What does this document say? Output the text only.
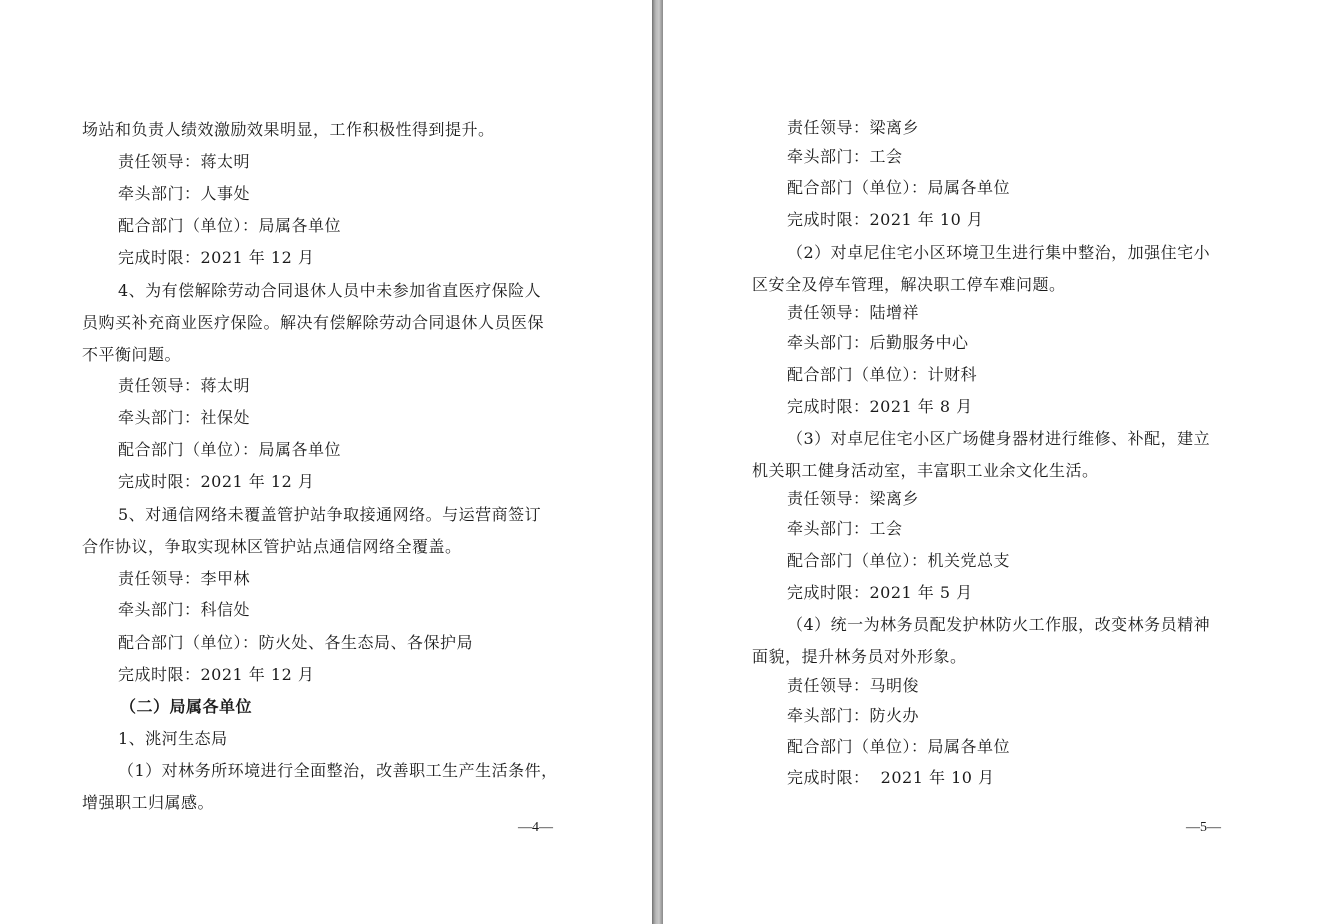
场站和负责人绩效激励效果明显，工作积极性得到提升。
责任领导：蒋太明
牵头部门：人事处
配合部门（单位）：局属各单位
完成时限：2021 年 12 月
4、为有偿解除劳动合同退休人员中未参加省直医疗保险人
员购买补充商业医疗保险。解决有偿解除劳动合同退休人员医保
不平衡问题。
责任领导：蒋太明
牵头部门：社保处
配合部门（单位）：局属各单位
完成时限：2021 年 12 月
5、对通信网络未覆盖管护站争取接通网络。与运营商签订
合作协议，争取实现林区管护站点通信网络全覆盖。
责任领导：李甲林
牵头部门：科信处
配合部门（单位）：防火处、各生态局、各保护局
完成时限：2021 年 12 月
（二）局属各单位
1、洮河生态局
（1）对林务所环境进行全面整治，改善职工生产生活条件，
增强职工归属感。
—4—
责任领导：梁离乡
牵头部门：工会
配合部门（单位）：局属各单位
完成时限：2021 年 10 月
（2）对卓尼住宅小区环境卫生进行集中整治，加强住宅小
区安全及停车管理，解决职工停车难问题。
责任领导：陆增祥
牵头部门：后勤服务中心
配合部门（单位）：计财科
完成时限：2021 年 8 月
（3）对卓尼住宅小区广场健身器材进行维修、补配，建立
机关职工健身活动室，丰富职工业余文化生活。
责任领导：梁离乡
牵头部门：工会
配合部门（单位）：机关党总支
完成时限：2021 年 5 月
（4）统一为林务员配发护林防火工作服，改变林务员精神
面貌，提升林务员对外形象。
责任领导：马明俊
牵头部门：防火办
配合部门（单位）：局属各单位
完成时限：  2021 年 10 月
—5—
